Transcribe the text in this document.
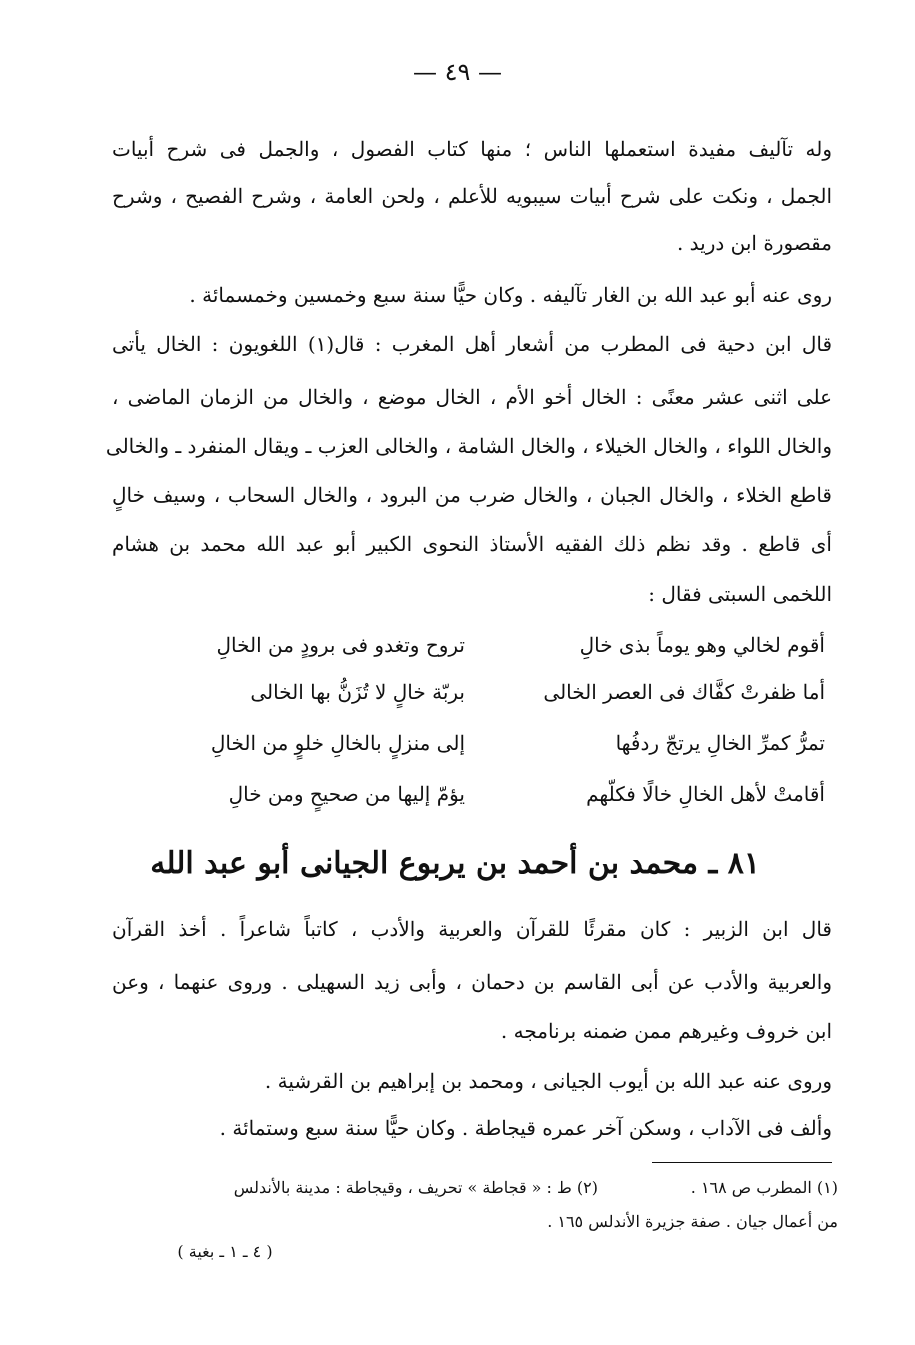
— ٤٩ —
وله تآليف مفيدة استعملها الناس ؛ منها كتاب الفصول ، والجمل فى شرح أبيات
الجمل ، ونكت على شرح أبيات سيبويه للأعلم ، ولحن العامة ، وشرح الفصيح ، وشرح
مقصورة ابن دريد .
روى عنه أبو عبد الله بن الغار تآليفه . وكان حيًّا سنة سبع وخمسين وخمسمائة .
قال ابن دحية فى المطرب من أشعار أهل المغرب : قال(١) اللغويون : الخال يأتى
على اثنى عشر معنًى : الخال أخو الأم ، الخال موضع ، والخال من الزمان الماضى ،
والخال اللواء ، والخال الخيلاء ، والخال الشامة ، والخالى العزب ـ ويقال المنفرد ـ والخالى
قاطع الخلاء ، والخال الجبان ، والخال ضرب من البرود ، والخال السحاب ، وسيف خالٍ
أى قاطع . وقد نظم ذلك الفقيه الأستاذ النحوى الكبير أبو عبد الله محمد بن هشام
اللخمى السبتى فقال :
أقوم لخالي وهو يوماً بذى خالِ
تروح وتغدو فى برودٍ من الخالِ
أما ظفرتْ كفَّاك فى العصر الخالى
بربّة خالٍ لا تُزَنُّ بها الخالى
تمرُّ كمرِّ الخالِ يرتجّ ردفُها
إلى منزلٍ بالخالِ خلوٍ من الخالِ
أقامتْ لأهل الخالِ خالًا فكلّهم
يؤمّ إليها من صحيحٍ ومن خالِ
٨١ ـ محمد بن أحمد بن يربوع الجيانى أبو عبد الله
قال ابن الزبير : كان مقرئًا للقرآن والعربية والأدب ، كاتباً شاعراً . أخذ القرآن
والعربية والأدب عن أبى القاسم بن دحمان ، وأبى زيد السهيلى . وروى عنهما ، وعن
ابن خروف وغيرهم ممن ضمنه برنامجه .
وروى عنه عبد الله بن أيوب الجيانى ، ومحمد بن إبراهيم بن القرشية .
وألف فى الآداب ، وسكن آخر عمره قيجاطة . وكان حيًّا سنة سبع وستمائة .
(١) المطرب ص ١٦٨ .
(٢) ط : « قجاطة » تحريف ، وقيجاطة : مدينة بالأندلس
من أعمال جيان . صفة جزيرة الأندلس ١٦٥ .
( ٤ ـ ١ ـ بغية )
